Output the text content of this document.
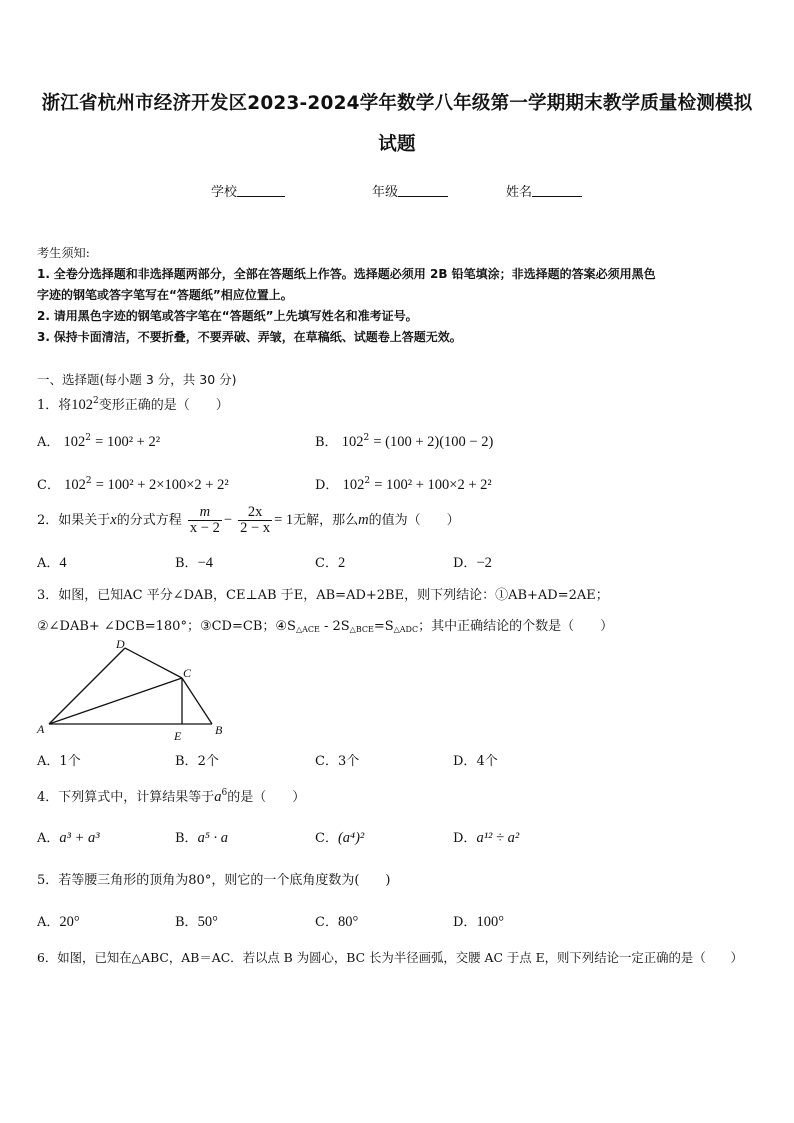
浙江省杭州市经济开发区2023-2024学年数学八年级第一学期期末教学质量检测模拟
试题
学校	年级	姓名
考生须知:
1. 全卷分选择题和非选择题两部分，全部在答题纸上作答。选择题必须用 2B 铅笔填涂；非选择题的答案必须用黑色
字迹的钢笔或答字笔写在“答题纸”相应位置上。
2. 请用黑色字迹的钢笔或答字笔在“答题纸”上先填写姓名和准考证号。
3. 保持卡面清洁，不要折叠，不要弄破、弄皱，在草稿纸、试题卷上答题无效。
一、选择题(每小题 3 分，共 30 分)
1．将$102^2$变形正确的是（　　）
A． $102^2 = 100^2 + 2^2$	B． $102^2 = (100 + 2)(100 - 2)$
C． $102^2 = 100^2 + 2\times 100\times 2 + 2^2$	D． $102^2 = 100^2 + 100\times 2 + 2^2$
2．如果关于x的分式方程 $\frac{m}{x - 2} - \frac{2x}{2 - x} = 1$无解，那么m的值为（　　）
A．4	B．−4	C．2	D．−2
3．如图，已知AC 平分∠DAB，CE⊥AB 于E，AB=AD+2BE，则下列结论：①AB+AD=2AE；
②∠DAB+ ∠DCB=180°；③CD=CB；$④S_{\triangle ACE} - 2S_{\triangle BCE}=S_{\triangle ADC}$；其中正确结论的个数是（　　）
A	B
C
D
E
A．1个	B．2个	C．3个	D．4个
4．下列算式中，计算结果等于$a^6$的是（　　）
A．a³ + a³	B．a⁵ · a	C．(a⁴)²	D．a¹² ÷ a²
5．若等腰三角形的顶角为80°，则它的一个底角度数为(　　)
A．20°	B．50°	C．80°	D．100°
6．如图，已知在△ABC，AB＝AC．若以点 B 为圆心，BC 长为半径画弧，交腰 AC 于点 E，则下列结论一定正确的是（　　）
